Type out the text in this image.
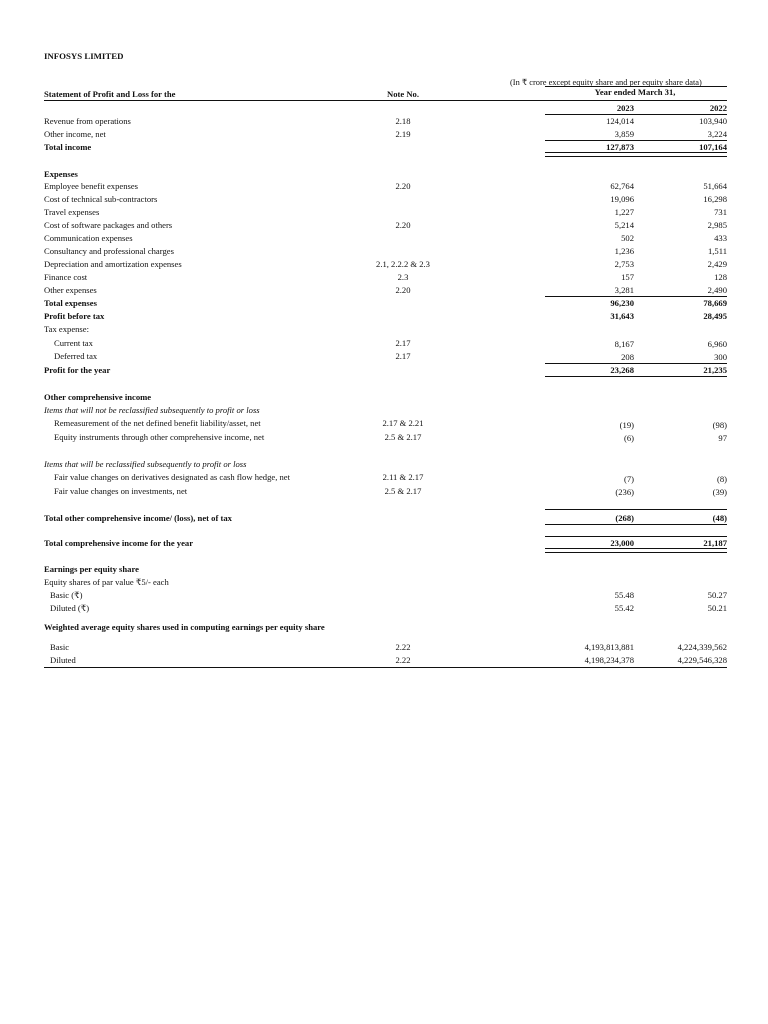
INFOSYS LIMITED
(In ₹ crore except equity share and per equity share data)
Statement of Profit and Loss for the	Note No.	Year ended March 31,
2023	2022
Revenue from operations	2.18	124,014	103,940
Other income, net	2.19	3,859	3,224
Total income	127,873	107,164
Expenses
Employee benefit expenses	2.20	62,764	51,664
Cost of technical sub-contractors	19,096	16,298
Travel expenses	1,227	731
Cost of software packages and others	2.20	5,214	2,985
Communication expenses	502	433
Consultancy and professional charges	1,236	1,511
Depreciation and amortization expenses	2.1, 2.2.2 & 2.3	2,753	2,429
Finance cost	2.3	157	128
Other expenses	2.20	3,281	2,490
Total expenses	96,230	78,669
Profit before tax	31,643	28,495
Tax expense:
Current tax	2.17	8,167	6,960
Deferred tax	2.17	208	300
Profit for the year	23,268	21,235
Other comprehensive income
Items that will not be reclassified subsequently to profit or loss
Remeasurement of the net defined benefit liability/asset, net	2.17 & 2.21	(19)	(98)
Equity instruments through other comprehensive income, net	2.5 & 2.17	(6)	97
Items that will be reclassified subsequently to profit or loss
Fair value changes on derivatives designated as cash flow hedge, net	2.11 & 2.17	(7)	(8)
Fair value changes on investments, net	2.5 & 2.17	(236)	(39)
Total other comprehensive income/ (loss), net of tax	(268)	(48)
Total comprehensive income for the year	23,000	21,187
Earnings per equity share
Equity shares of par value ₹5/- each
Basic (₹)	55.48	50.27
Diluted (₹)	55.42	50.21
Weighted average equity shares used in computing earnings per equity share
Basic	2.22	4,193,813,881	4,224,339,562
Diluted	2.22	4,198,234,378	4,229,546,328
